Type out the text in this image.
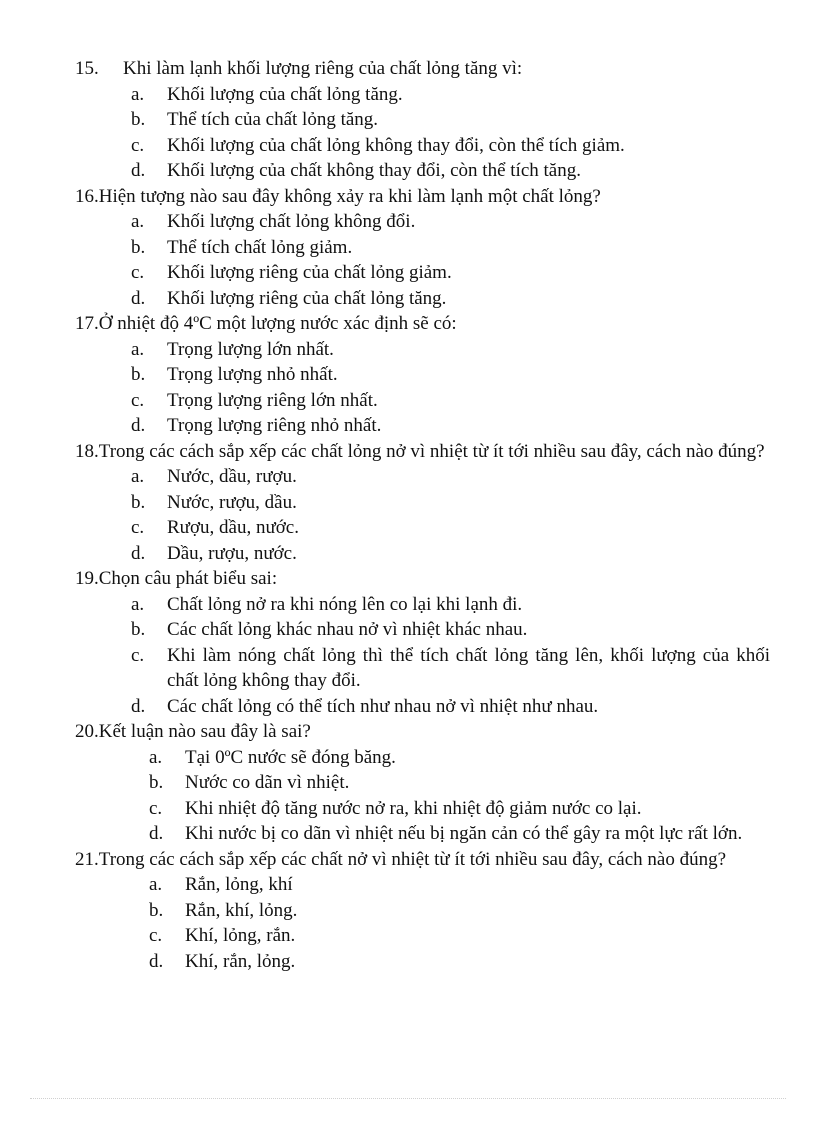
15. Khi làm lạnh khối lượng riêng của chất lỏng tăng vì:
a. Khối lượng của chất lỏng tăng.
b. Thể tích của chất lỏng tăng.
c. Khối lượng của chất lỏng không thay đổi, còn thể tích giảm.
d. Khối lượng của chất không thay đổi, còn thể tích tăng.
16.Hiện tượng nào sau đây không xảy ra khi làm lạnh một chất lỏng?
a. Khối lượng chất lỏng không đổi.
b. Thể tích chất lỏng giảm.
c. Khối lượng riêng của chất lỏng giảm.
d. Khối lượng riêng của chất lỏng tăng.
17.Ở nhiệt độ 4ºC một lượng nước xác định sẽ có:
a. Trọng lượng lớn nhất.
b. Trọng lượng nhỏ nhất.
c. Trọng lượng riêng lớn nhất.
d. Trọng lượng riêng nhỏ nhất.
18.Trong các cách sắp xếp các chất lỏng nở vì nhiệt từ ít tới nhiều sau đây, cách nào đúng?
a. Nước, dầu, rượu.
b. Nước, rượu, dầu.
c. Rượu, dầu, nước.
d. Dầu, rượu, nước.
19.Chọn câu phát biểu sai:
a. Chất lỏng nở ra khi nóng lên co lại khi lạnh đi.
b. Các chất lỏng khác nhau nở vì nhiệt khác nhau.
c. Khi làm nóng chất lỏng thì thể tích chất lỏng tăng lên, khối lượng của khối chất lỏng không thay đổi.
d. Các chất lỏng có thể tích như nhau nở vì nhiệt như nhau.
20.Kết luận nào sau đây là sai?
a. Tại 0ºC nước sẽ đóng băng.
b. Nước co dãn vì nhiệt.
c. Khi nhiệt độ tăng nước nở ra, khi nhiệt độ giảm nước co lại.
d. Khi nước bị co dãn vì nhiệt nếu bị ngăn cản có thể gây ra một lực rất lớn.
21.Trong các cách sắp xếp các chất nở vì nhiệt từ ít tới nhiều sau đây, cách nào đúng?
a. Rắn, lỏng, khí
b. Rắn, khí, lỏng.
c. Khí, lỏng, rắn.
d. Khí, rắn, lỏng.
